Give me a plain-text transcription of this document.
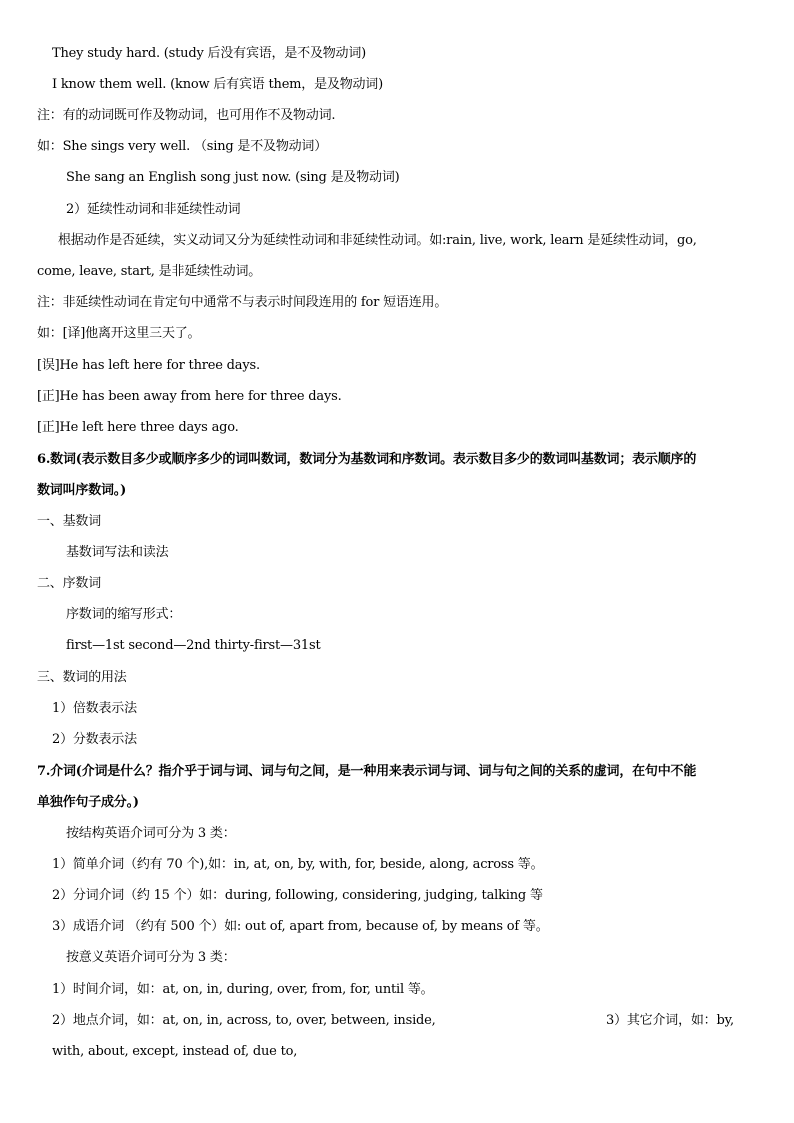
They study hard. (study 后没有宾语，是不及物动词)
I know them well. (know 后有宾语 them，是及物动词)
注：有的动词既可作及物动词，也可用作不及物动词.
如：She sings very well. （sing 是不及物动词）
She sang an English song just now. (sing 是及物动词)
2）延续性动词和非延续性动词
根据动作是否延续，实义动词又分为延续性动词和非延续性动词。如:rain, live, work, learn 是延续性动词，go,
come, leave, start, 是非延续性动词。
注：非延续性动词在肯定句中通常不与表示时间段连用的 for 短语连用。
如：[译]他离开这里三天了。
[误]He has left here for three days.
[正]He has been away from here for three days.
[正]He left here three days ago.
6.数词(表示数目多少或顺序多少的词叫数词，数词分为基数词和序数词。表示数目多少的数词叫基数词；表示顺序的
数词叫序数词。)
一、基数词
基数词写法和读法
二、序数词
序数词的缩写形式：
first—1st second—2nd thirty-first—31st
三、数词的用法
1）倍数表示法
2）分数表示法
7.介词(介词是什么？指介乎于词与词、词与句之间，是一种用来表示词与词、词与句之间的关系的虚词，在句中不能
单独作句子成分。)
按结构英语介词可分为 3 类：
1）简单介词（约有 70 个),如：in, at, on, by, with, for, beside, along, across 等。
2）分词介词（约 15 个）如：during, following, considering, judging, talking 等
3）成语介词 （约有 500 个）如: out of, apart from, because of, by means of 等。
按意义英语介词可分为 3 类：
1）时间介词，如：at, on, in, during, over, from, for, until 等。
2）地点介词，如：at, on, in, across, to, over, between, inside,	3）其它介词，如：by,
with, about, except, instead of, due to,
